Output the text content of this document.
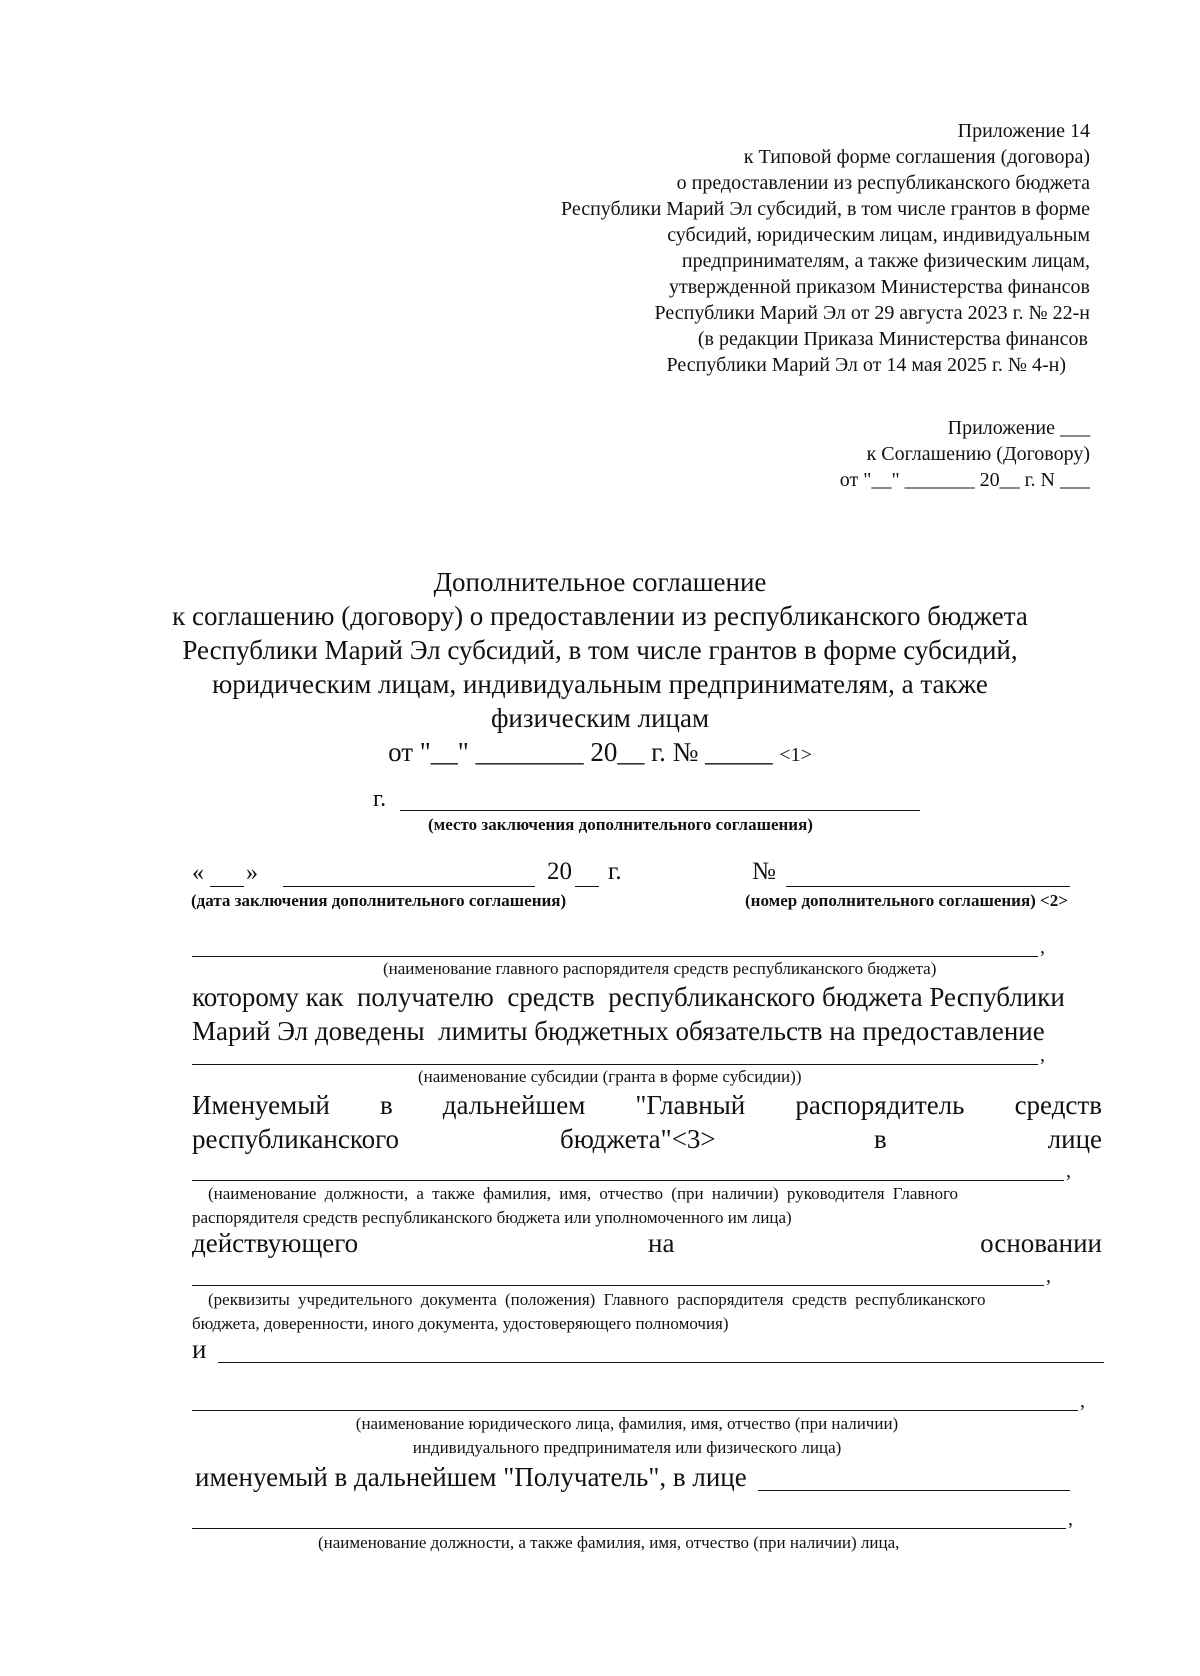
Приложение 14
к Типовой форме соглашения (договора)
о предоставлении из республиканского бюджета
Республики Марий Эл субсидий, в том числе грантов в форме
субсидий, юридическим лицам, индивидуальным
предпринимателям, а также физическим лицам,
утвержденной приказом Министерства финансов
Республики Марий Эл от 29 августа 2023 г. № 22-н
(в редакции Приказа Министерства финансов
Республики Марий Эл от 14 мая 2025 г. № 4-н)
Приложение ___
к Соглашению (Договору)
от "__" _______ 20__ г. N ___
Дополнительное соглашение
к соглашению (договору) о предоставлении из республиканского бюджета
Республики Марий Эл субсидий, в том числе грантов в форме субсидий,
юридическим лицам, индивидуальным предпринимателям, а также
физическим лицам
от "__" ________ 20__ г. № _____ <1>
г.
(место заключения дополнительного соглашения)
« »	20 г.	№
(дата заключения дополнительного соглашения)	(номер дополнительного соглашения) <2>
,
(наименование главного распорядителя средств республиканского бюджета)
которому как  получателю  средств  республиканского бюджета Республики
Марий Эл доведены  лимиты бюджетных обязательств на предоставление
,
(наименование субсидии (гранта в форме субсидии))
Именуемый в дальнейшем "Главный распорядитель средств
республиканского	бюджета"<3>	в	лице
,
(наименование должности, а также фамилия, имя, отчество (при наличии) руководителя Главного
распорядителя средств республиканского бюджета или уполномоченного им лица)
действующего	на	основании
,
(реквизиты учредительного документа (положения) Главного распорядителя средств республиканского
бюджета, доверенности, иного документа, удостоверяющего полномочия)
и
,
(наименование юридического лица, фамилия, имя, отчество (при наличии)
индивидуального предпринимателя или физического лица)
именуемый в дальнейшем "Получатель", в лице
,
(наименование должности, а также фамилия, имя, отчество (при наличии) лица,
